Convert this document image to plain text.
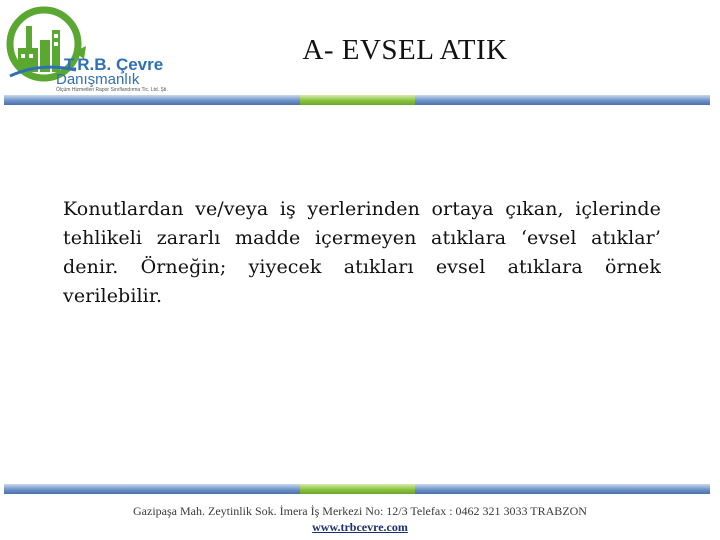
T.R.B. Çevre
Danışmanlık
Ölçüm Hizmetleri Rapor Sınıflandırma Tic. Ltd. Şti.
A- EVSEL ATIK
Konutlardan ve/veya iş yerlerinden ortaya çıkan, içlerinde tehlikeli zararlı madde içermeyen atıklara ‘evsel atıklar’ denir. Örneğin; yiyecek atıkları evsel atıklara örnek verilebilir.
Gazipaşa Mah. Zeytinlik Sok. İmera İş Merkezi No: 12/3 Telefax : 0462 321 3033 TRABZON
www.trbcevre.com
